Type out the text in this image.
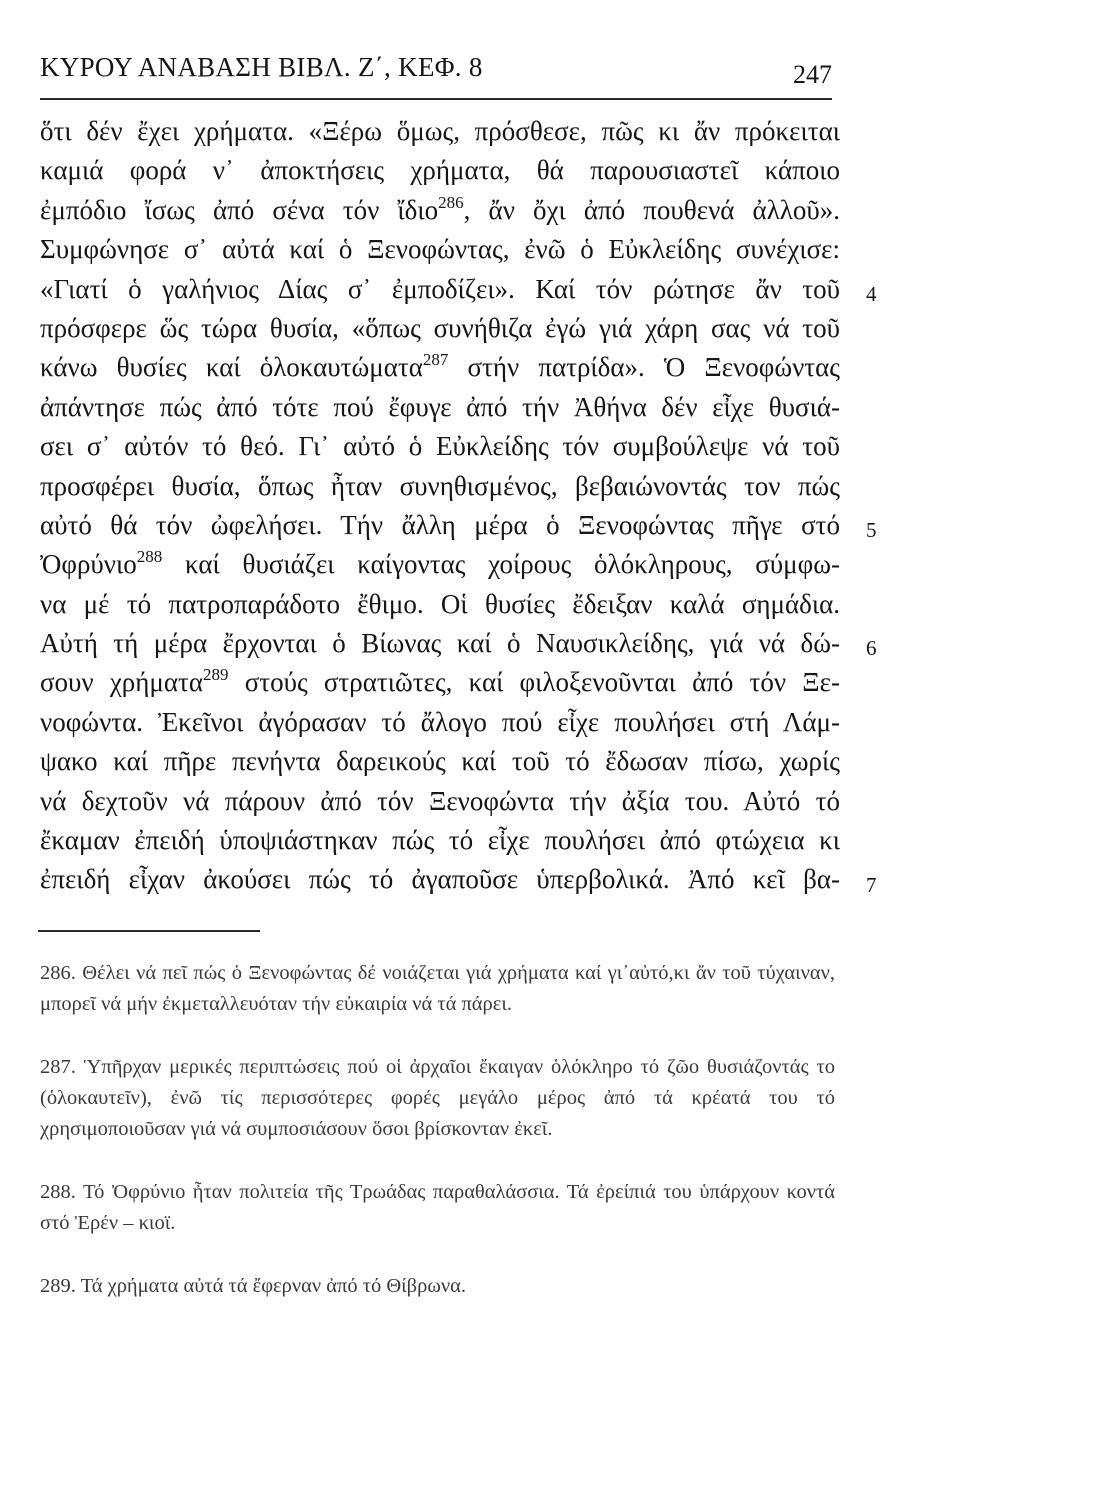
ΚΥΡΟΥ ΑΝΑΒΑΣΗ ΒΙΒΛ. Ζ΄, ΚΕΦ. 8	247
ὅτι δέν ἔχει χρήματα. «Ξέρω ὅμως, πρόσθεσε, πῶς κι ἄν πρόκειται
καμιά φορά ν᾽ ἀποκτήσεις χρήματα, θά παρουσιαστεῖ κάποιο
ἐμπόδιο ἴσως ἀπό σένα τόν ἴδιο$^{286}$, ἄν ὄχι ἀπό πουθενά ἀλλοῦ».
Συμφώνησε σ᾽ αὐτά καί ὁ Ξενοφώντας, ἐνῶ ὁ Εὐκλείδης συνέχισε:
«Γιατί ὁ γαλήνιος Δίας σ᾽ ἐμποδίζει». Καί τόν ρώτησε ἄν τοῦ
πρόσφερε ὥς τώρα θυσία, «ὅπως συνήθιζα ἐγώ γιά χάρη σας νά τοῦ
κάνω θυσίες καί ὁλοκαυτώματα$^{287}$ στήν πατρίδα». Ὁ Ξενοφώντας
ἀπάντησε πώς ἀπό τότε πού ἔφυγε ἀπό τήν Ἀθήνα δέν εἶχε θυσιά-
σει σ᾽ αὐτόν τό θεό. Γι᾽ αὐτό ὁ Εὐκλείδης τόν συμβούλεψε νά τοῦ
προσφέρει θυσία, ὅπως ἦταν συνηθισμένος, βεβαιώνοντάς τον πώς
αὐτό θά τόν ὠφελήσει. Τήν ἄλλη μέρα ὁ Ξενοφώντας πῆγε στό
Ὀφρύνιο$^{288}$ καί θυσιάζει καίγοντας χοίρους ὁλόκληρους, σύμφω-
να μέ τό πατροπαράδοτο ἔθιμο. Οἱ θυσίες ἔδειξαν καλά σημάδια.
Αὐτή τή μέρα ἔρχονται ὁ Βίωνας καί ὁ Ναυσικλείδης, γιά νά δώ-
σουν χρήματα$^{289}$ στούς στρατιῶτες, καί φιλοξενοῦνται ἀπό τόν Ξε-
νοφώντα. Ἐκεῖνοι ἀγόρασαν τό ἄλογο πού εἶχε πουλήσει στή Λάμ-
ψακο καί πῆρε πενήντα δαρεικούς καί τοῦ τό ἔδωσαν πίσω, χωρίς
νά δεχτοῦν νά πάρουν ἀπό τόν Ξενοφώντα τήν ἀξία του. Αὐτό τό
ἔκαμαν ἐπειδή ὑποψιάστηκαν πώς τό εἶχε πουλήσει ἀπό φτώχεια κι
ἐπειδή εἶχαν ἀκούσει πώς τό ἀγαποῦσε ὑπερβολικά. Ἀπό κεῖ βα-
4
5
6
7
286. Θέλει νά πεῖ πώς ὁ Ξενοφώντας δέ νοιάζεται γιά χρήματα καί γι᾽αὐτό,κι ἄν τοῦ τύχαιναν, μπορεῖ νά μήν ἐκμεταλλευόταν τήν εὐκαιρία νά τά πάρει.
287. Ὑπῆρχαν μερικές περιπτώσεις πού οἱ ἀρχαῖοι ἔκαιγαν ὁλόκληρο τό ζῶο θυσιάζοντάς το (ὁλοκαυτεῖν), ἐνῶ τίς περισσότερες φορές μεγάλο μέρος ἀπό τά κρέατά του τό χρησιμοποιοῦσαν γιά νά συμποσιάσουν ὅσοι βρίσκονταν ἐκεῖ.
288. Τό Ὀφρύνιο ἦταν πολιτεία τῆς Τρωάδας παραθαλάσσια. Τά ἐρείπιά του ὑπάρχουν κοντά στό Ἐρέν – κιοϊ.
289. Τά χρήματα αὐτά τά ἔφερναν ἀπό τό Θίβρωνα.
